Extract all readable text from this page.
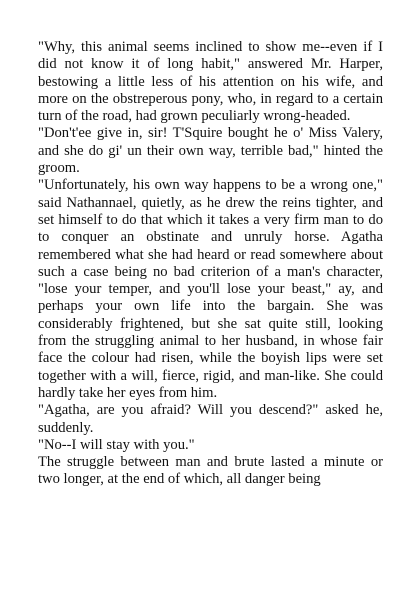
"Why, this animal seems inclined to show me--even if I did not know it of long habit," answered Mr. Harper, bestowing a little less of his attention on his wife, and more on the obstreperous pony, who, in regard to a certain turn of the road, had grown peculiarly wrong-headed.

"Don't'ee give in, sir! T'Squire bought he o' Miss Valery, and she do gi' un their own way, terrible bad," hinted the groom.

"Unfortunately, his own way happens to be a wrong one," said Nathannael, quietly, as he drew the reins tighter, and set himself to do that which it takes a very firm man to do to conquer an obstinate and unruly horse. Agatha remembered what she had heard or read somewhere about such a case being no bad criterion of a man's character, "lose your temper, and you'll lose your beast," ay, and perhaps your own life into the bargain. She was considerably frightened, but she sat quite still, looking from the struggling animal to her husband, in whose fair face the colour had risen, while the boyish lips were set together with a will, fierce, rigid, and man-like. She could hardly take her eyes from him.

"Agatha, are you afraid? Will you descend?" asked he, suddenly.

"No--I will stay with you."

The struggle between man and brute lasted a minute or two longer, at the end of which, all danger being
